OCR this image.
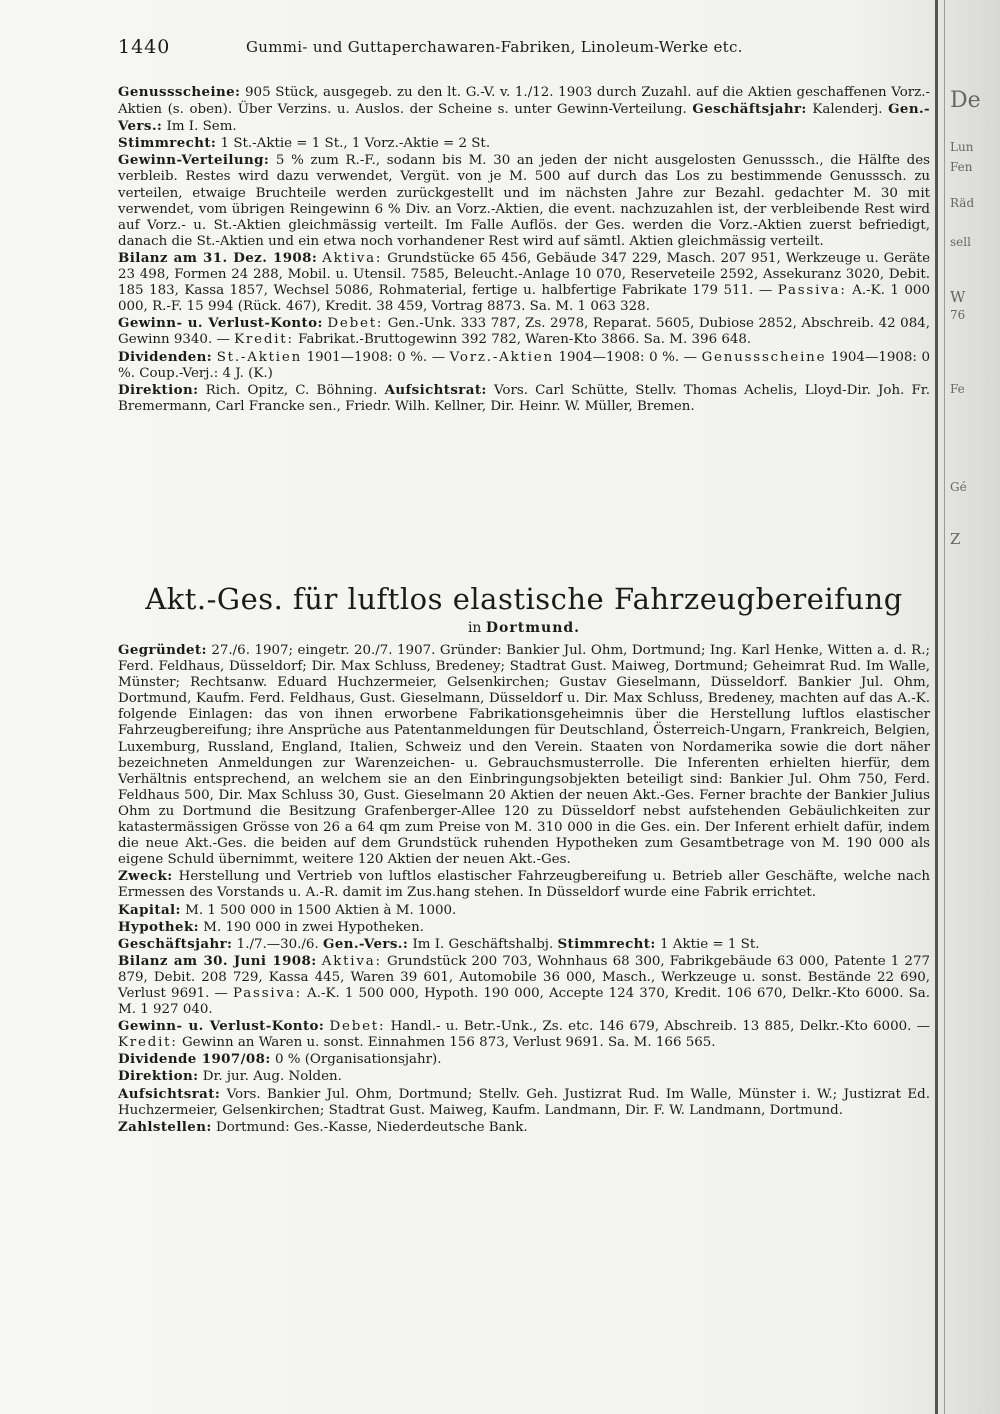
De
Lun
Fen
Räd
sell
W
76
Fe
Gé
Z
1440	Gummi- und Guttaperchawaren-Fabriken, Linoleum-Werke etc.

Genussscheine: 905 Stück, ausgegeb. zu den lt. G.-V. v. 1./12. 1903 durch Zuzahl. auf die Aktien geschaffenen Vorz.-Aktien (s. oben). Über Verzins. u. Auslos. der Scheine s. unter Gewinn-Verteilung. Geschäftsjahr: Kalenderj. Gen.-Vers.: Im I. Sem.

Stimmrecht: 1 St.-Aktie = 1 St., 1 Vorz.-Aktie = 2 St.

Gewinn-Verteilung: 5 % zum R.-F., sodann bis M. 30 an jeden der nicht ausgelosten Genusssch., die Hälfte des verbleib. Restes wird dazu verwendet, Vergüt. von je M. 500 auf durch das Los zu bestimmende Genusssch. zu verteilen, etwaige Bruchteile werden zurückgestellt und im nächsten Jahre zur Bezahl. gedachter M. 30 mit verwendet, vom übrigen Reingewinn 6 % Div. an Vorz.-Aktien, die event. nachzuzahlen ist, der verbleibende Rest wird auf Vorz.- u. St.-Aktien gleichmässig verteilt. Im Falle Auflös. der Ges. werden die Vorz.-Aktien zuerst befriedigt, danach die St.-Aktien und ein etwa noch vorhandener Rest wird auf sämtl. Aktien gleichmässig verteilt.

Bilanz am 31. Dez. 1908: Aktiva: Grundstücke 65 456, Gebäude 347 229, Masch. 207 951, Werkzeuge u. Geräte 23 498, Formen 24 288, Mobil. u. Utensil. 7585, Beleucht.-Anlage 10 070, Reserveteile 2592, Assekuranz 3020, Debit. 185 183, Kassa 1857, Wechsel 5086, Rohmaterial, fertige u. halbfertige Fabrikate 179 511. — Passiva: A.-K. 1 000 000, R.-F. 15 994 (Rück. 467), Kredit. 38 459, Vortrag 8873. Sa. M. 1 063 328.

Gewinn- u. Verlust-Konto: Debet: Gen.-Unk. 333 787, Zs. 2978, Reparat. 5605, Dubiose 2852, Abschreib. 42 084, Gewinn 9340. — Kredit: Fabrikat.-Bruttogewinn 392 782, Waren-Kto 3866. Sa. M. 396 648.

Dividenden: St.-Aktien 1901—1908: 0 %. — Vorz.-Aktien 1904—1908: 0 %. — Genussscheine 1904—1908: 0 %. Coup.-Verj.: 4 J. (K.)

Direktion: Rich. Opitz, C. Böhning. Aufsichtsrat: Vors. Carl Schütte, Stellv. Thomas Achelis, Lloyd-Dir. Joh. Fr. Bremermann, Carl Francke sen., Friedr. Wilh. Kellner, Dir. Heinr. W. Müller, Bremen.

Akt.-Ges. für luftlos elastische Fahrzeugbereifung
in Dortmund.

Gegründet: 27./6. 1907; eingetr. 20./7. 1907. Gründer: Bankier Jul. Ohm, Dortmund; Ing. Karl Henke, Witten a. d. R.; Ferd. Feldhaus, Düsseldorf; Dir. Max Schluss, Bredeney; Stadtrat Gust. Maiweg, Dortmund; Geheimrat Rud. Im Walle, Münster; Rechtsanw. Eduard Huchzermeier, Gelsenkirchen; Gustav Gieselmann, Düsseldorf. Bankier Jul. Ohm, Dortmund, Kaufm. Ferd. Feldhaus, Gust. Gieselmann, Düsseldorf u. Dir. Max Schluss, Bredeney, machten auf das A.-K. folgende Einlagen: das von ihnen erworbene Fabrikationsgeheimnis über die Herstellung luftlos elastischer Fahrzeugbereifung; ihre Ansprüche aus Patentanmeldungen für Deutschland, Österreich-Ungarn, Frankreich, Belgien, Luxemburg, Russland, England, Italien, Schweiz und den Verein. Staaten von Nordamerika sowie die dort näher bezeichneten Anmeldungen zur Warenzeichen- u. Gebrauchsmusterrolle. Die Inferenten erhielten hierfür, dem Verhältnis entsprechend, an welchem sie an den Einbringungsobjekten beteiligt sind: Bankier Jul. Ohm 750, Ferd. Feldhaus 500, Dir. Max Schluss 30, Gust. Gieselmann 20 Aktien der neuen Akt.-Ges. Ferner brachte der Bankier Julius Ohm zu Dortmund die Besitzung Grafenberger-Allee 120 zu Düsseldorf nebst aufstehenden Gebäulichkeiten zur katastermässigen Grösse von 26 a 64 qm zum Preise von M. 310 000 in die Ges. ein. Der Inferent erhielt dafür, indem die neue Akt.-Ges. die beiden auf dem Grundstück ruhenden Hypotheken zum Gesamtbetrage von M. 190 000 als eigene Schuld übernimmt, weitere 120 Aktien der neuen Akt.-Ges.

Zweck: Herstellung und Vertrieb von luftlos elastischer Fahrzeugbereifung u. Betrieb aller Geschäfte, welche nach Ermessen des Vorstands u. A.-R. damit im Zus.hang stehen. In Düsseldorf wurde eine Fabrik errichtet.

Kapital: M. 1 500 000 in 1500 Aktien à M. 1000.

Hypothek: M. 190 000 in zwei Hypotheken.

Geschäftsjahr: 1./7.—30./6. Gen.-Vers.: Im I. Geschäftshalbj. Stimmrecht: 1 Aktie = 1 St.

Bilanz am 30. Juni 1908: Aktiva: Grundstück 200 703, Wohnhaus 68 300, Fabrikgebäude 63 000, Patente 1 277 879, Debit. 208 729, Kassa 445, Waren 39 601, Automobile 36 000, Masch., Werkzeuge u. sonst. Bestände 22 690, Verlust 9691. — Passiva: A.-K. 1 500 000, Hypoth. 190 000, Accepte 124 370, Kredit. 106 670, Delkr.-Kto 6000. Sa. M. 1 927 040.

Gewinn- u. Verlust-Konto: Debet: Handl.- u. Betr.-Unk., Zs. etc. 146 679, Abschreib. 13 885, Delkr.-Kto 6000. — Kredit: Gewinn an Waren u. sonst. Einnahmen 156 873, Verlust 9691. Sa. M. 166 565.

Dividende 1907/08: 0 % (Organisationsjahr).

Direktion: Dr. jur. Aug. Nolden.

Aufsichtsrat: Vors. Bankier Jul. Ohm, Dortmund; Stellv. Geh. Justizrat Rud. Im Walle, Münster i. W.; Justizrat Ed. Huchzermeier, Gelsenkirchen; Stadtrat Gust. Maiweg, Kaufm. Landmann, Dir. F. W. Landmann, Dortmund.

Zahlstellen: Dortmund: Ges.-Kasse, Niederdeutsche Bank.
